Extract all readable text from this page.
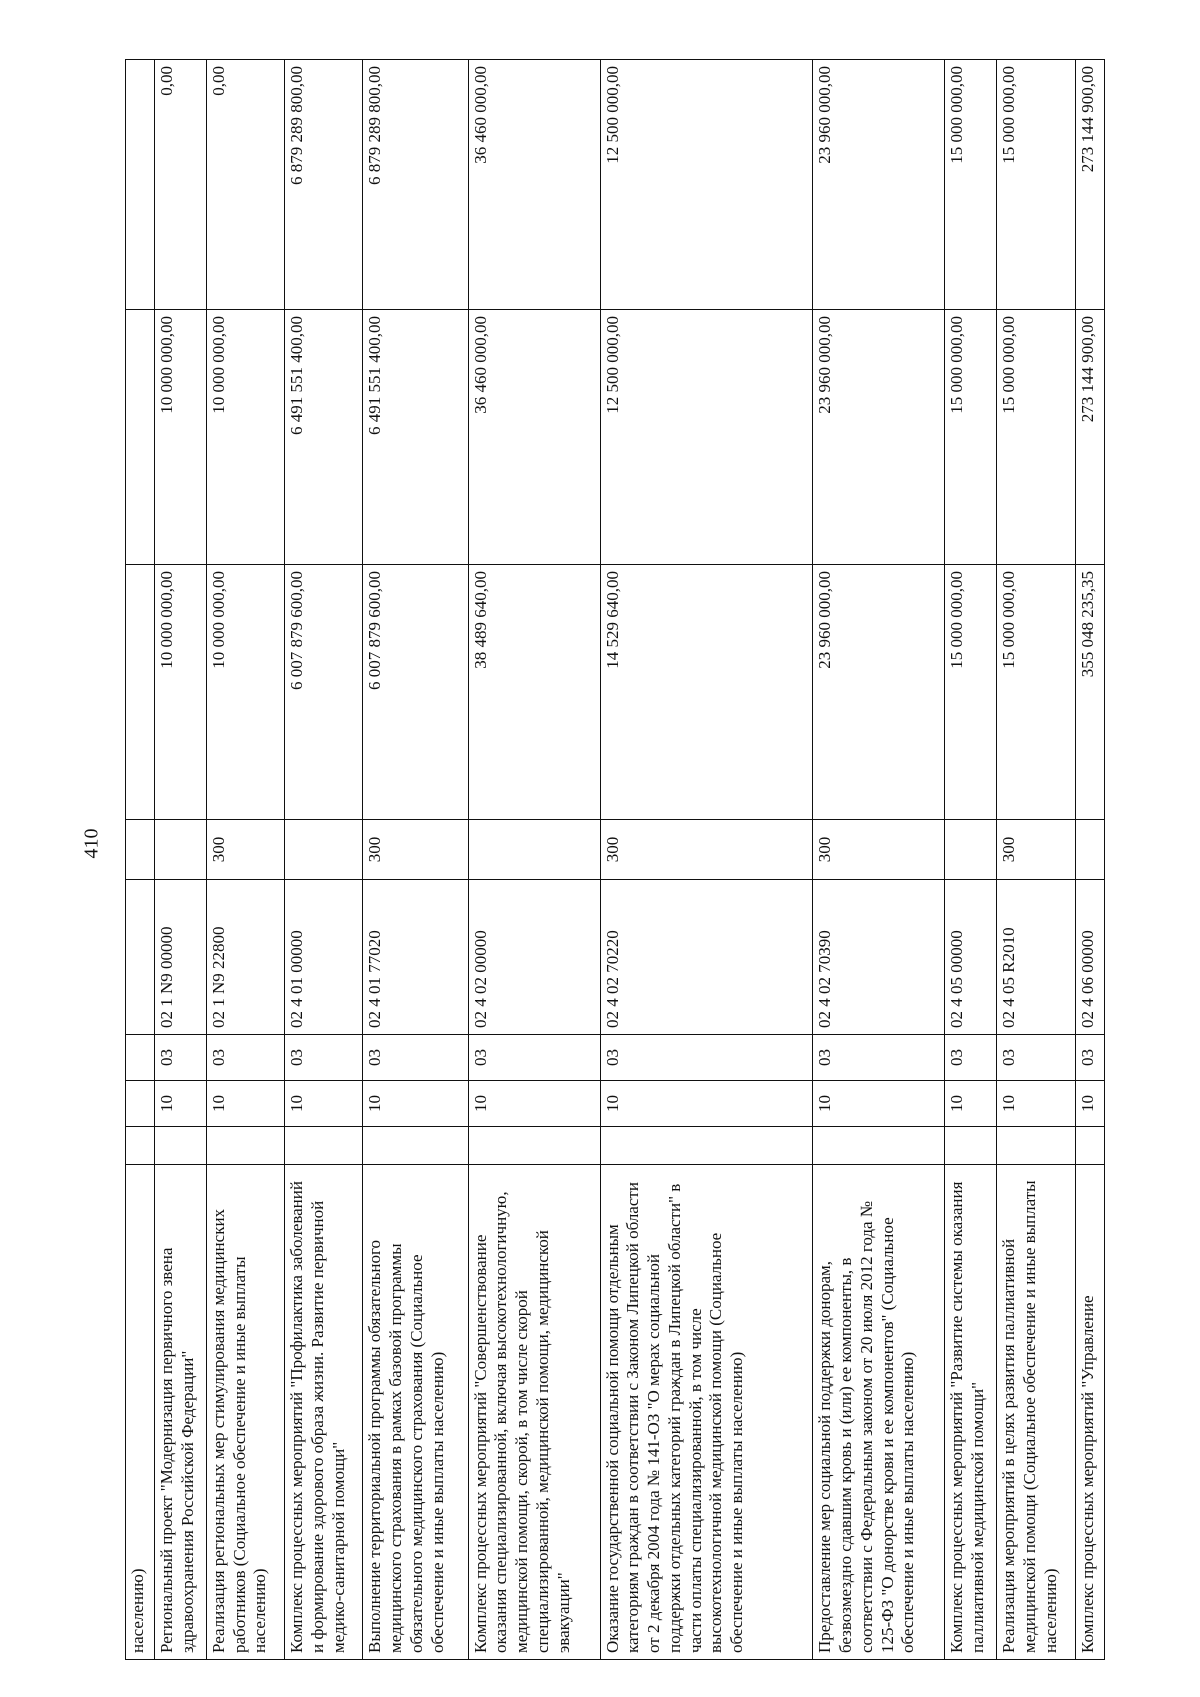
410
населению)								
Региональный проект "Модернизация первичного звена здравоохранения Российской Федерации"		10	03	02 1 N9 00000		10 000 000,00	10 000 000,00	0,00
Реализация региональных мер стимулирования медицинских работников (Социальное обеспечение и иные выплаты населению)		10	03	02 1 N9 22800	300	10 000 000,00	10 000 000,00	0,00
Комплекс процессных мероприятий "Профилактика заболеваний и формирование здорового образа жизни. Развитие первичной медико-санитарной помощи"		10	03	02 4 01 00000		6 007 879 600,00	6 491 551 400,00	6 879 289 800,00
Выполнение территориальной программы обязательного медицинского страхования в рамках базовой программы обязательного медицинского страхования (Социальное обеспечение и иные выплаты населению)		10	03	02 4 01 77020	300	6 007 879 600,00	6 491 551 400,00	6 879 289 800,00
Комплекс процессных мероприятий "Совершенствование оказания специализированной, включая высокотехнологичную, медицинской помощи, скорой, в том числе скорой специализированной, медицинской помощи, медицинской эвакуации"		10	03	02 4 02 00000		38 489 640,00	36 460 000,00	36 460 000,00
Оказание государственной социальной помощи отдельным категориям граждан в соответствии с Законом Липецкой области от 2 декабря 2004 года № 141-ОЗ "О мерах социальной поддержки отдельных категорий граждан в Липецкой области" в части оплаты специализированной, в том числе высокотехнологичной медицинской помощи (Социальное обеспечение и иные выплаты населению)		10	03	02 4 02 70220	300	14 529 640,00	12 500 000,00	12 500 000,00
Предоставление мер социальной поддержки донорам, безвозмездно сдавшим кровь и (или) ее компоненты, в соответствии с Федеральным законом от 20 июля 2012 года № 125-ФЗ "О донорстве крови и ее компонентов" (Социальное обеспечение и иные выплаты населению)		10	03	02 4 02 70390	300	23 960 000,00	23 960 000,00	23 960 000,00
Комплекс процессных мероприятий "Развитие системы оказания паллиативной медицинской помощи"		10	03	02 4 05 00000		15 000 000,00	15 000 000,00	15 000 000,00
Реализация мероприятий в целях развития паллиативной медицинской помощи (Социальное обеспечение и иные выплаты населению)		10	03	02 4 05 R2010	300	15 000 000,00	15 000 000,00	15 000 000,00
Комплекс процессных мероприятий "Управление		10	03	02 4 06 00000		355 048 235,35	273 144 900,00	273 144 900,00
